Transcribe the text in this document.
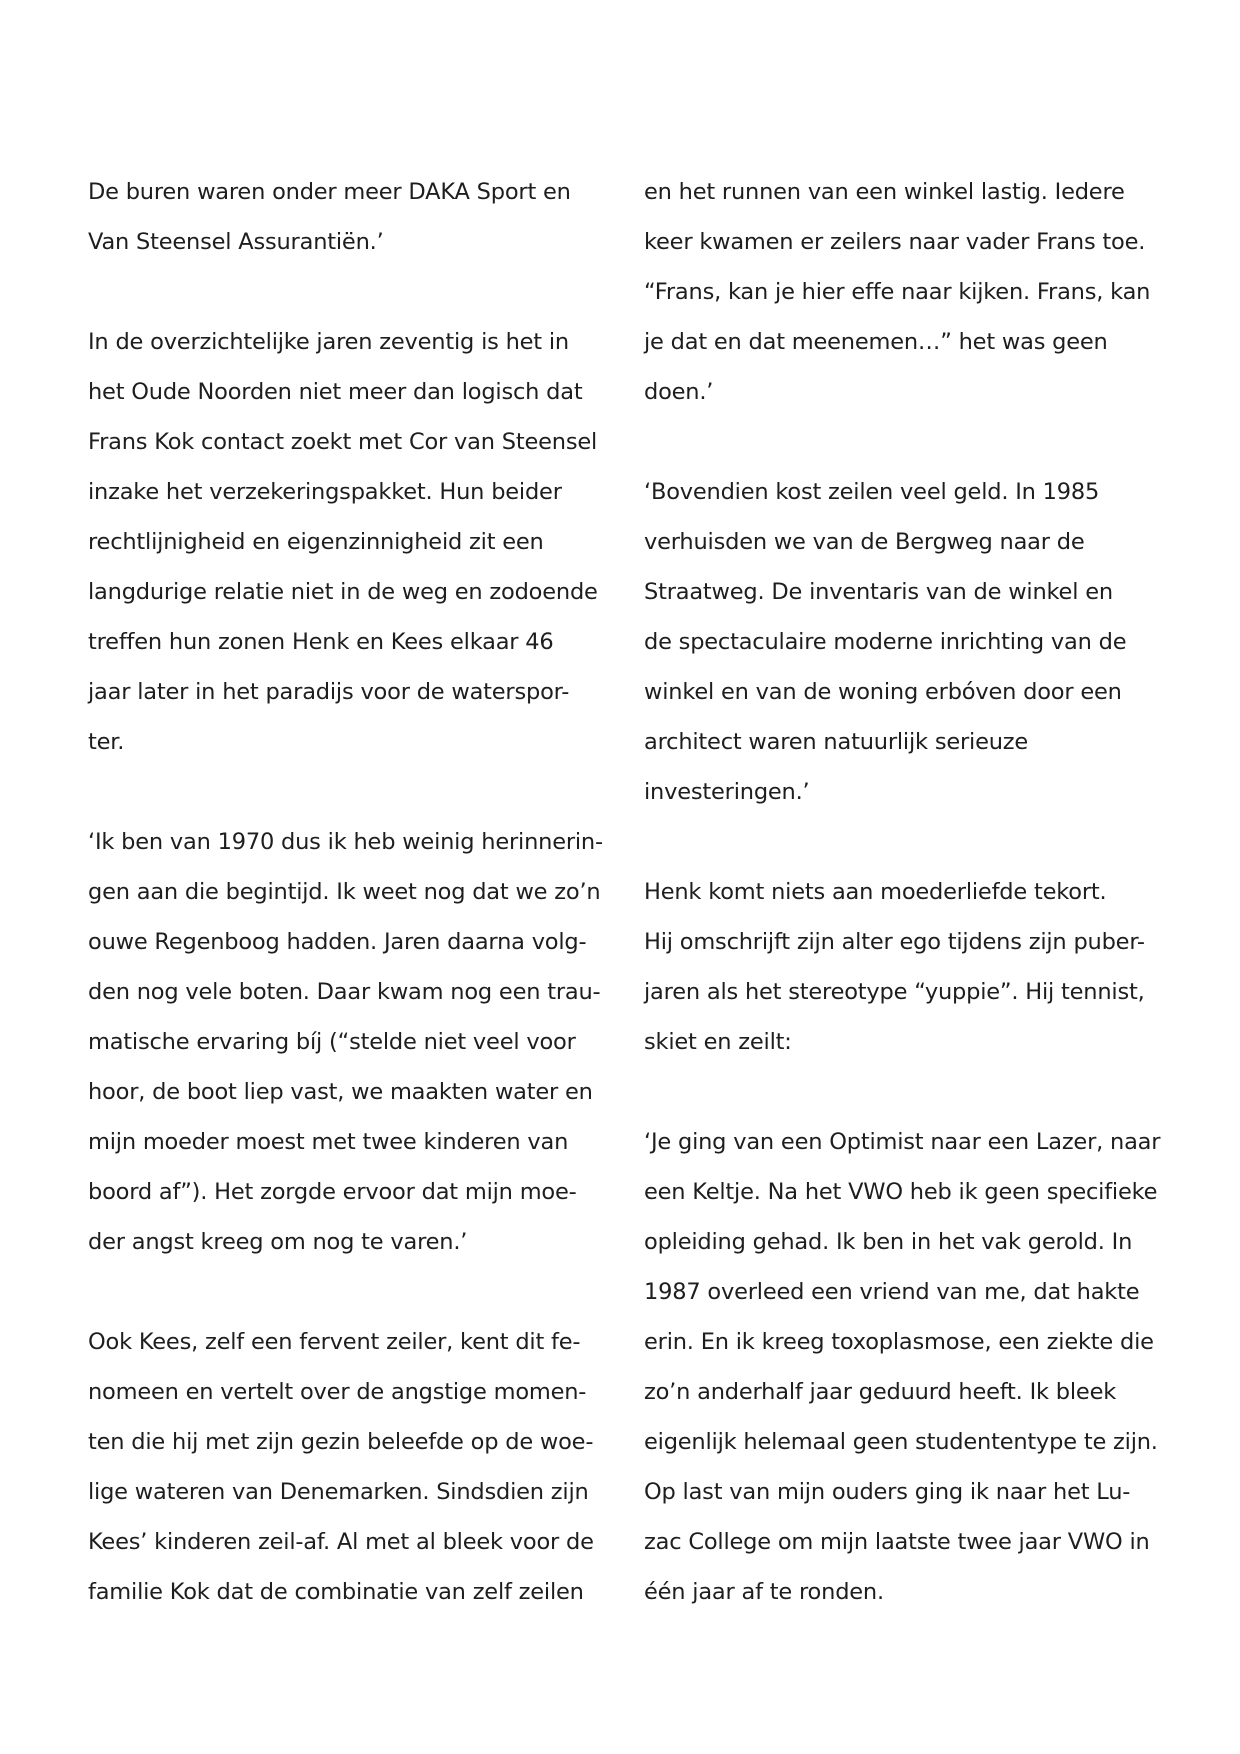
De buren waren onder meer DAKA Sport en
Van Steensel Assurantiën.’
In de overzichtelijke jaren zeventig is het in
het Oude Noorden niet meer dan logisch dat
Frans Kok contact zoekt met Cor van Steensel
inzake het verzekeringspakket. Hun beider
rechtlijnigheid en eigenzinnigheid zit een
langdurige relatie niet in de weg en zodoende
treffen hun zonen Henk en Kees elkaar 46
jaar later in het paradijs voor de waterspor-
ter.
‘Ik ben van 1970 dus ik heb weinig herinnerin-
gen aan die begintijd. Ik weet nog dat we zo’n
ouwe Regenboog hadden. Jaren daarna volg-
den nog vele boten. Daar kwam nog een trau-
matische ervaring bíj (“stelde niet veel voor
hoor, de boot liep vast, we maakten water en
mijn moeder moest met twee kinderen van
boord af”). Het zorgde ervoor dat mijn moe-
der angst kreeg om nog te varen.’
Ook Kees, zelf een fervent zeiler, kent dit fe-
nomeen en vertelt over de angstige momen-
ten die hij met zijn gezin beleefde op de woe-
lige wateren van Denemarken. Sindsdien zijn
Kees’ kinderen zeil-af. Al met al bleek voor de
familie Kok dat de combinatie van zelf zeilen
en het runnen van een winkel lastig. Iedere
keer kwamen er zeilers naar vader Frans toe.
“Frans, kan je hier effe naar kijken. Frans, kan
je dat en dat meenemen…” het was geen
doen.’
‘Bovendien kost zeilen veel geld. In 1985
verhuisden we van de Bergweg naar de
Straatweg. De inventaris van de winkel en
de spectaculaire moderne inrichting van de
winkel en van de woning erbóven door een
architect waren natuurlijk serieuze
investeringen.’
Henk komt niets aan moederliefde tekort.
Hij omschrijft zijn alter ego tijdens zijn puber-
jaren als het stereotype “yuppie”. Hij tennist,
skiet en zeilt:
‘Je ging van een Optimist naar een Lazer, naar
een Keltje. Na het VWO heb ik geen specifieke
opleiding gehad. Ik ben in het vak gerold. In
1987 overleed een vriend van me, dat hakte
erin. En ik kreeg toxoplasmose, een ziekte die
zo’n anderhalf jaar geduurd heeft. Ik bleek
eigenlijk helemaal geen studententype te zijn.
Op last van mijn ouders ging ik naar het Lu-
zac College om mijn laatste twee jaar VWO in
één jaar af te ronden.
